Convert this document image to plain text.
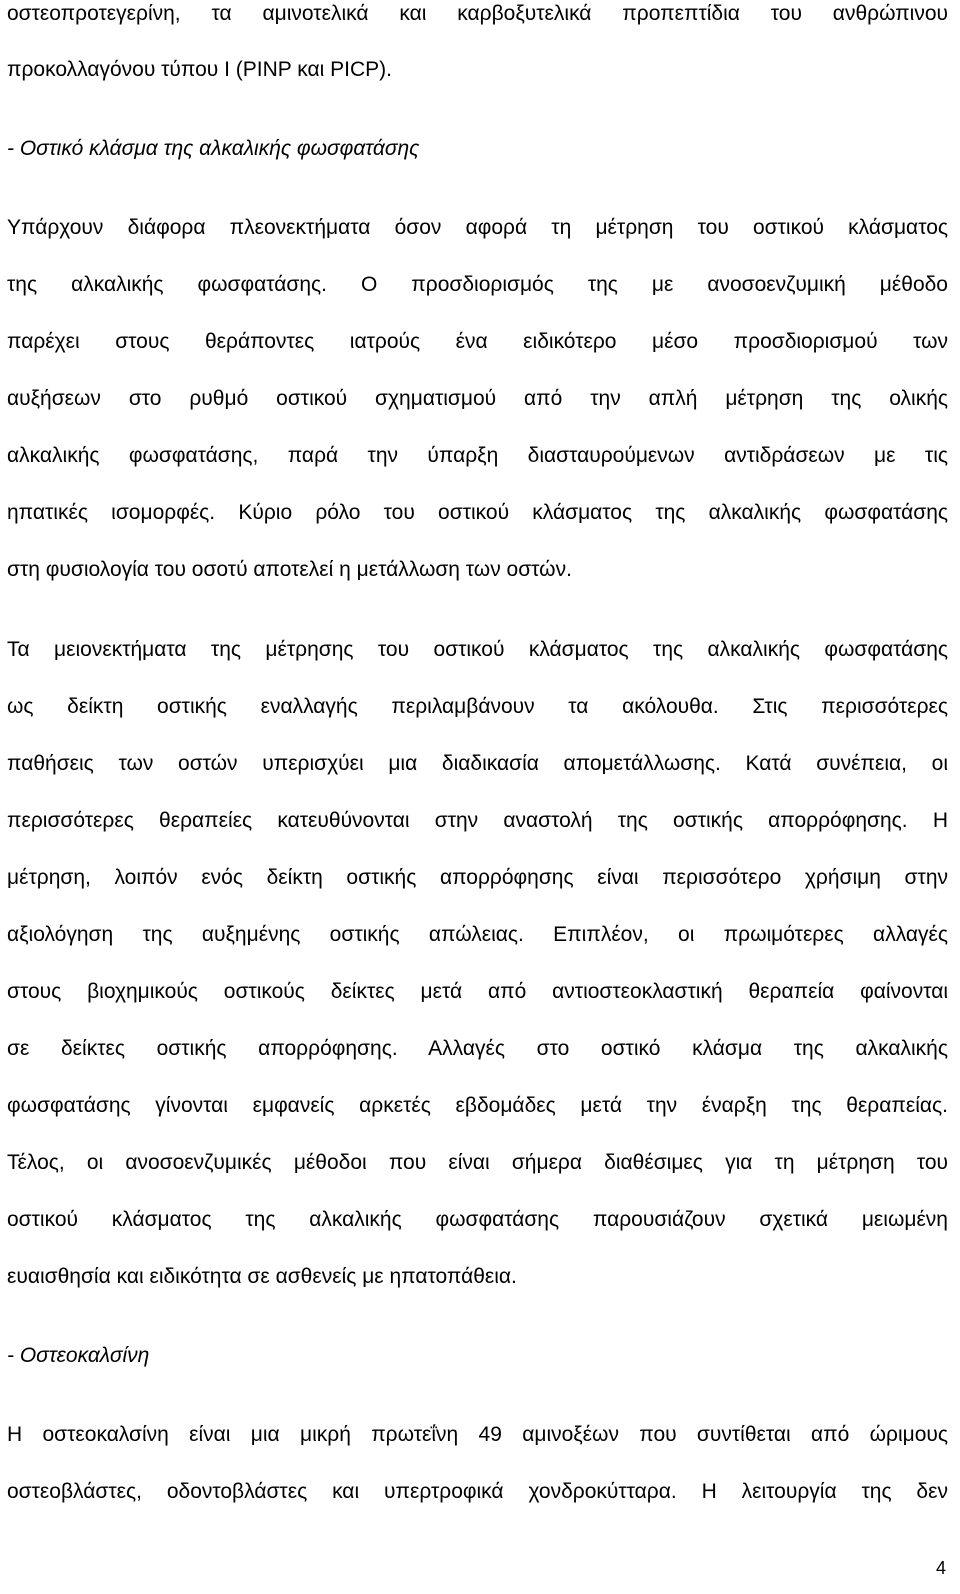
οστεοπροτεγερίνη, τα αμινοτελικά και καρβοξυτελικά προπεπτίδια του ανθρώπινου
προκολλαγόνου τύπου I (PINP και PICP).
- Οστικό κλάσμα της αλκαλικής φωσφατάσης
Υπάρχουν διάφορα πλεονεκτήματα όσον αφορά τη μέτρηση του οστικού κλάσματος
της αλκαλικής φωσφατάσης. Ο προσδιορισμός της με ανοσοενζυμική μέθοδο
παρέχει στους θεράποντες ιατρούς ένα ειδικότερο μέσο προσδιορισμού των
αυξήσεων στο ρυθμό οστικού σχηματισμού από την απλή μέτρηση της ολικής
αλκαλικής φωσφατάσης, παρά την ύπαρξη διασταυρούμενων αντιδράσεων με τις
ηπατικές ισομορφές. Κύριο ρόλο του οστικού κλάσματος της αλκαλικής φωσφατάσης
στη φυσιολογία του οσοτύ αποτελεί η μετάλλωση των οστών.
Τα μειονεκτήματα της μέτρησης του οστικού κλάσματος της αλκαλικής φωσφατάσης
ως δείκτη οστικής εναλλαγής περιλαμβάνουν τα ακόλουθα. Στις περισσότερες
παθήσεις των οστών υπερισχύει μια διαδικασία απομετάλλωσης. Κατά συνέπεια, οι
περισσότερες θεραπείες κατευθύνονται στην αναστολή της οστικής απορρόφησης. Η
μέτρηση, λοιπόν ενός δείκτη οστικής απορρόφησης είναι περισσότερο χρήσιμη στην
αξιολόγηση της αυξημένης οστικής απώλειας. Επιπλέον, οι πρωιμότερες αλλαγές
στους βιοχημικούς οστικούς δείκτες μετά από αντιοστεοκλαστική θεραπεία φαίνονται
σε δείκτες οστικής απορρόφησης. Αλλαγές στο οστικό κλάσμα της αλκαλικής
φωσφατάσης γίνονται εμφανείς αρκετές εβδομάδες μετά την έναρξη της θεραπείας.
Τέλος, οι ανοσοενζυμικές μέθοδοι που είναι σήμερα διαθέσιμες για τη μέτρηση του
οστικού κλάσματος της αλκαλικής φωσφατάσης παρουσιάζουν σχετικά μειωμένη
ευαισθησία και ειδικότητα σε ασθενείς με ηπατοπάθεια.
- Οστεοκαλσίνη
Η οστεοκαλσίνη είναι μια μικρή πρωτεΐνη 49 αμινοξέων που συντίθεται από ώριμους
οστεοβλάστες, οδοντοβλάστες και υπερτροφικά χονδροκύτταρα. Η λειτουργία της δεν
4
